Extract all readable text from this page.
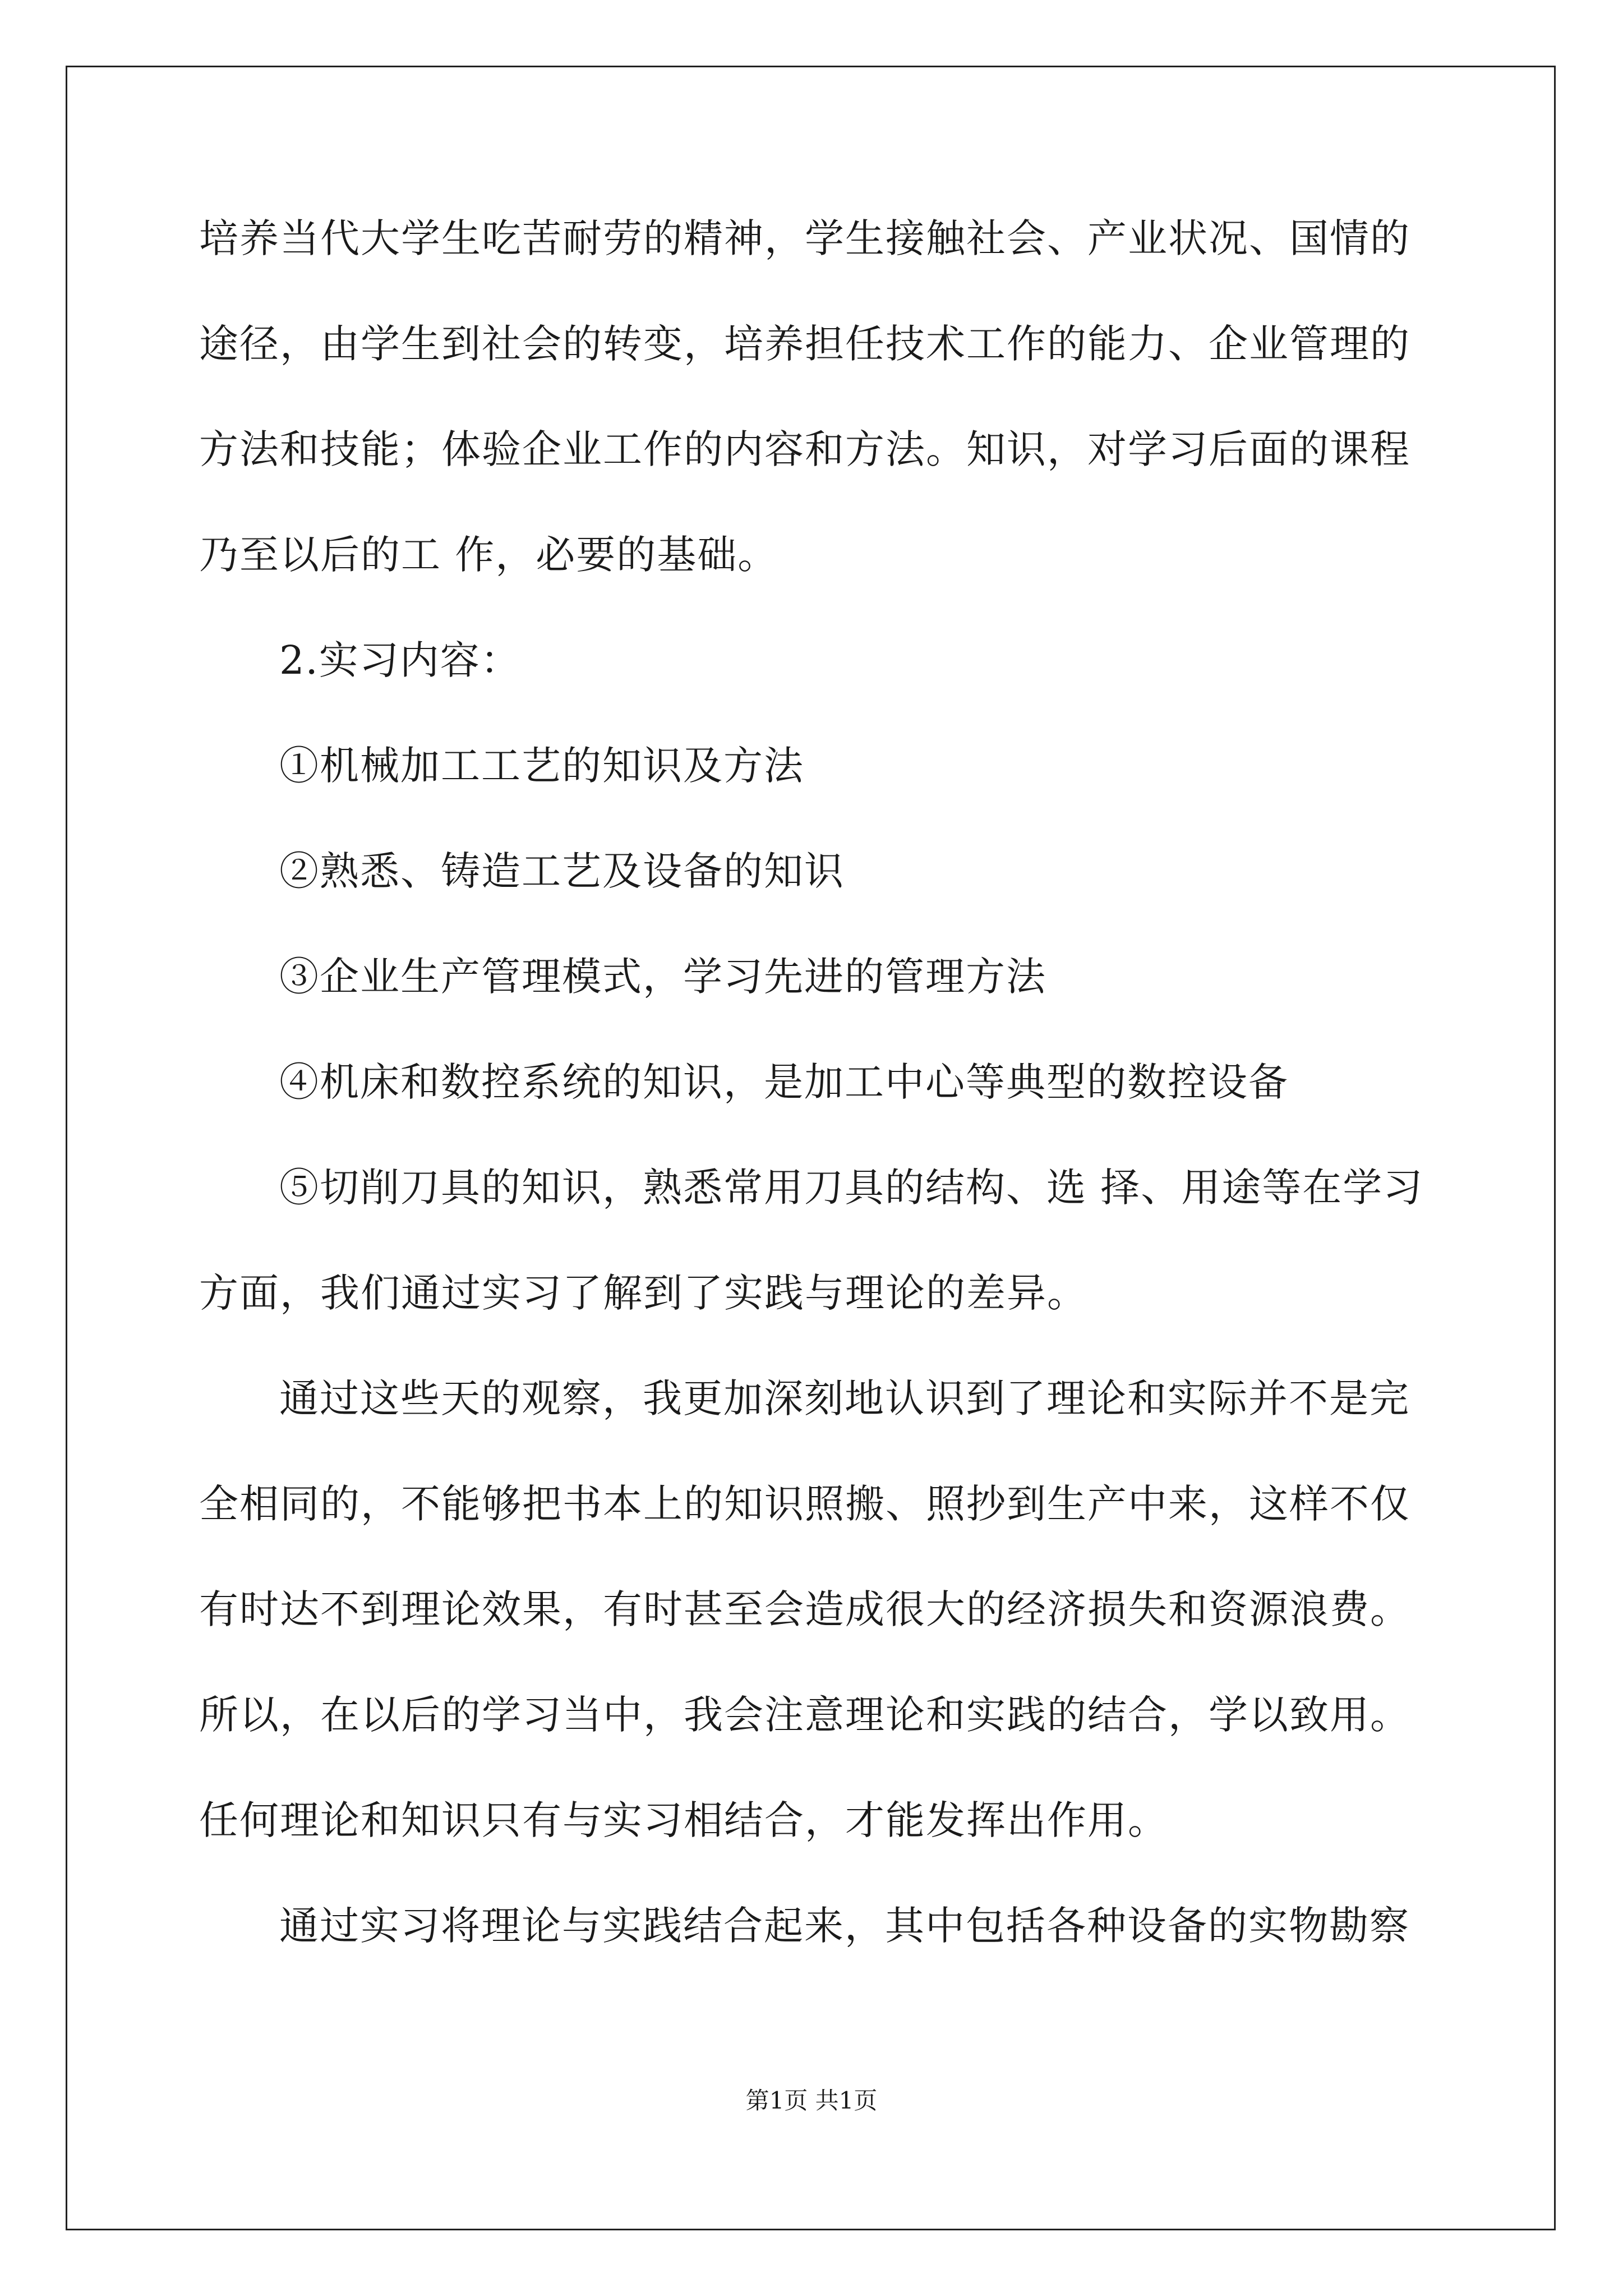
培养当代大学生吃苦耐劳的精神，学生接触社会、产业状况、国情的
途径，由学生到社会的转变，培养担任技术工作的能力、企业管理的
方法和技能；体验企业工作的内容和方法。知识，对学习后面的课程
乃至以后的工 作，必要的基础。
2.实习内容：
①机械加工工艺的知识及方法
②熟悉、铸造工艺及设备的知识
③企业生产管理模式，学习先进的管理方法
④机床和数控系统的知识，是加工中心等典型的数控设备
⑤切削刀具的知识，熟悉常用刀具的结构、选 择、用途等在学习
方面，我们通过实习了解到了实践与理论的差异。
通过这些天的观察，我更加深刻地认识到了理论和实际并不是完
全相同的，不能够把书本上的知识照搬、照抄到生产中来，这样不仅
有时达不到理论效果，有时甚至会造成很大的经济损失和资源浪费。
所以，在以后的学习当中，我会注意理论和实践的结合，学以致用。
任何理论和知识只有与实习相结合，才能发挥出作用。
通过实习将理论与实践结合起来，其中包括各种设备的实物勘察
第1页 共1页
